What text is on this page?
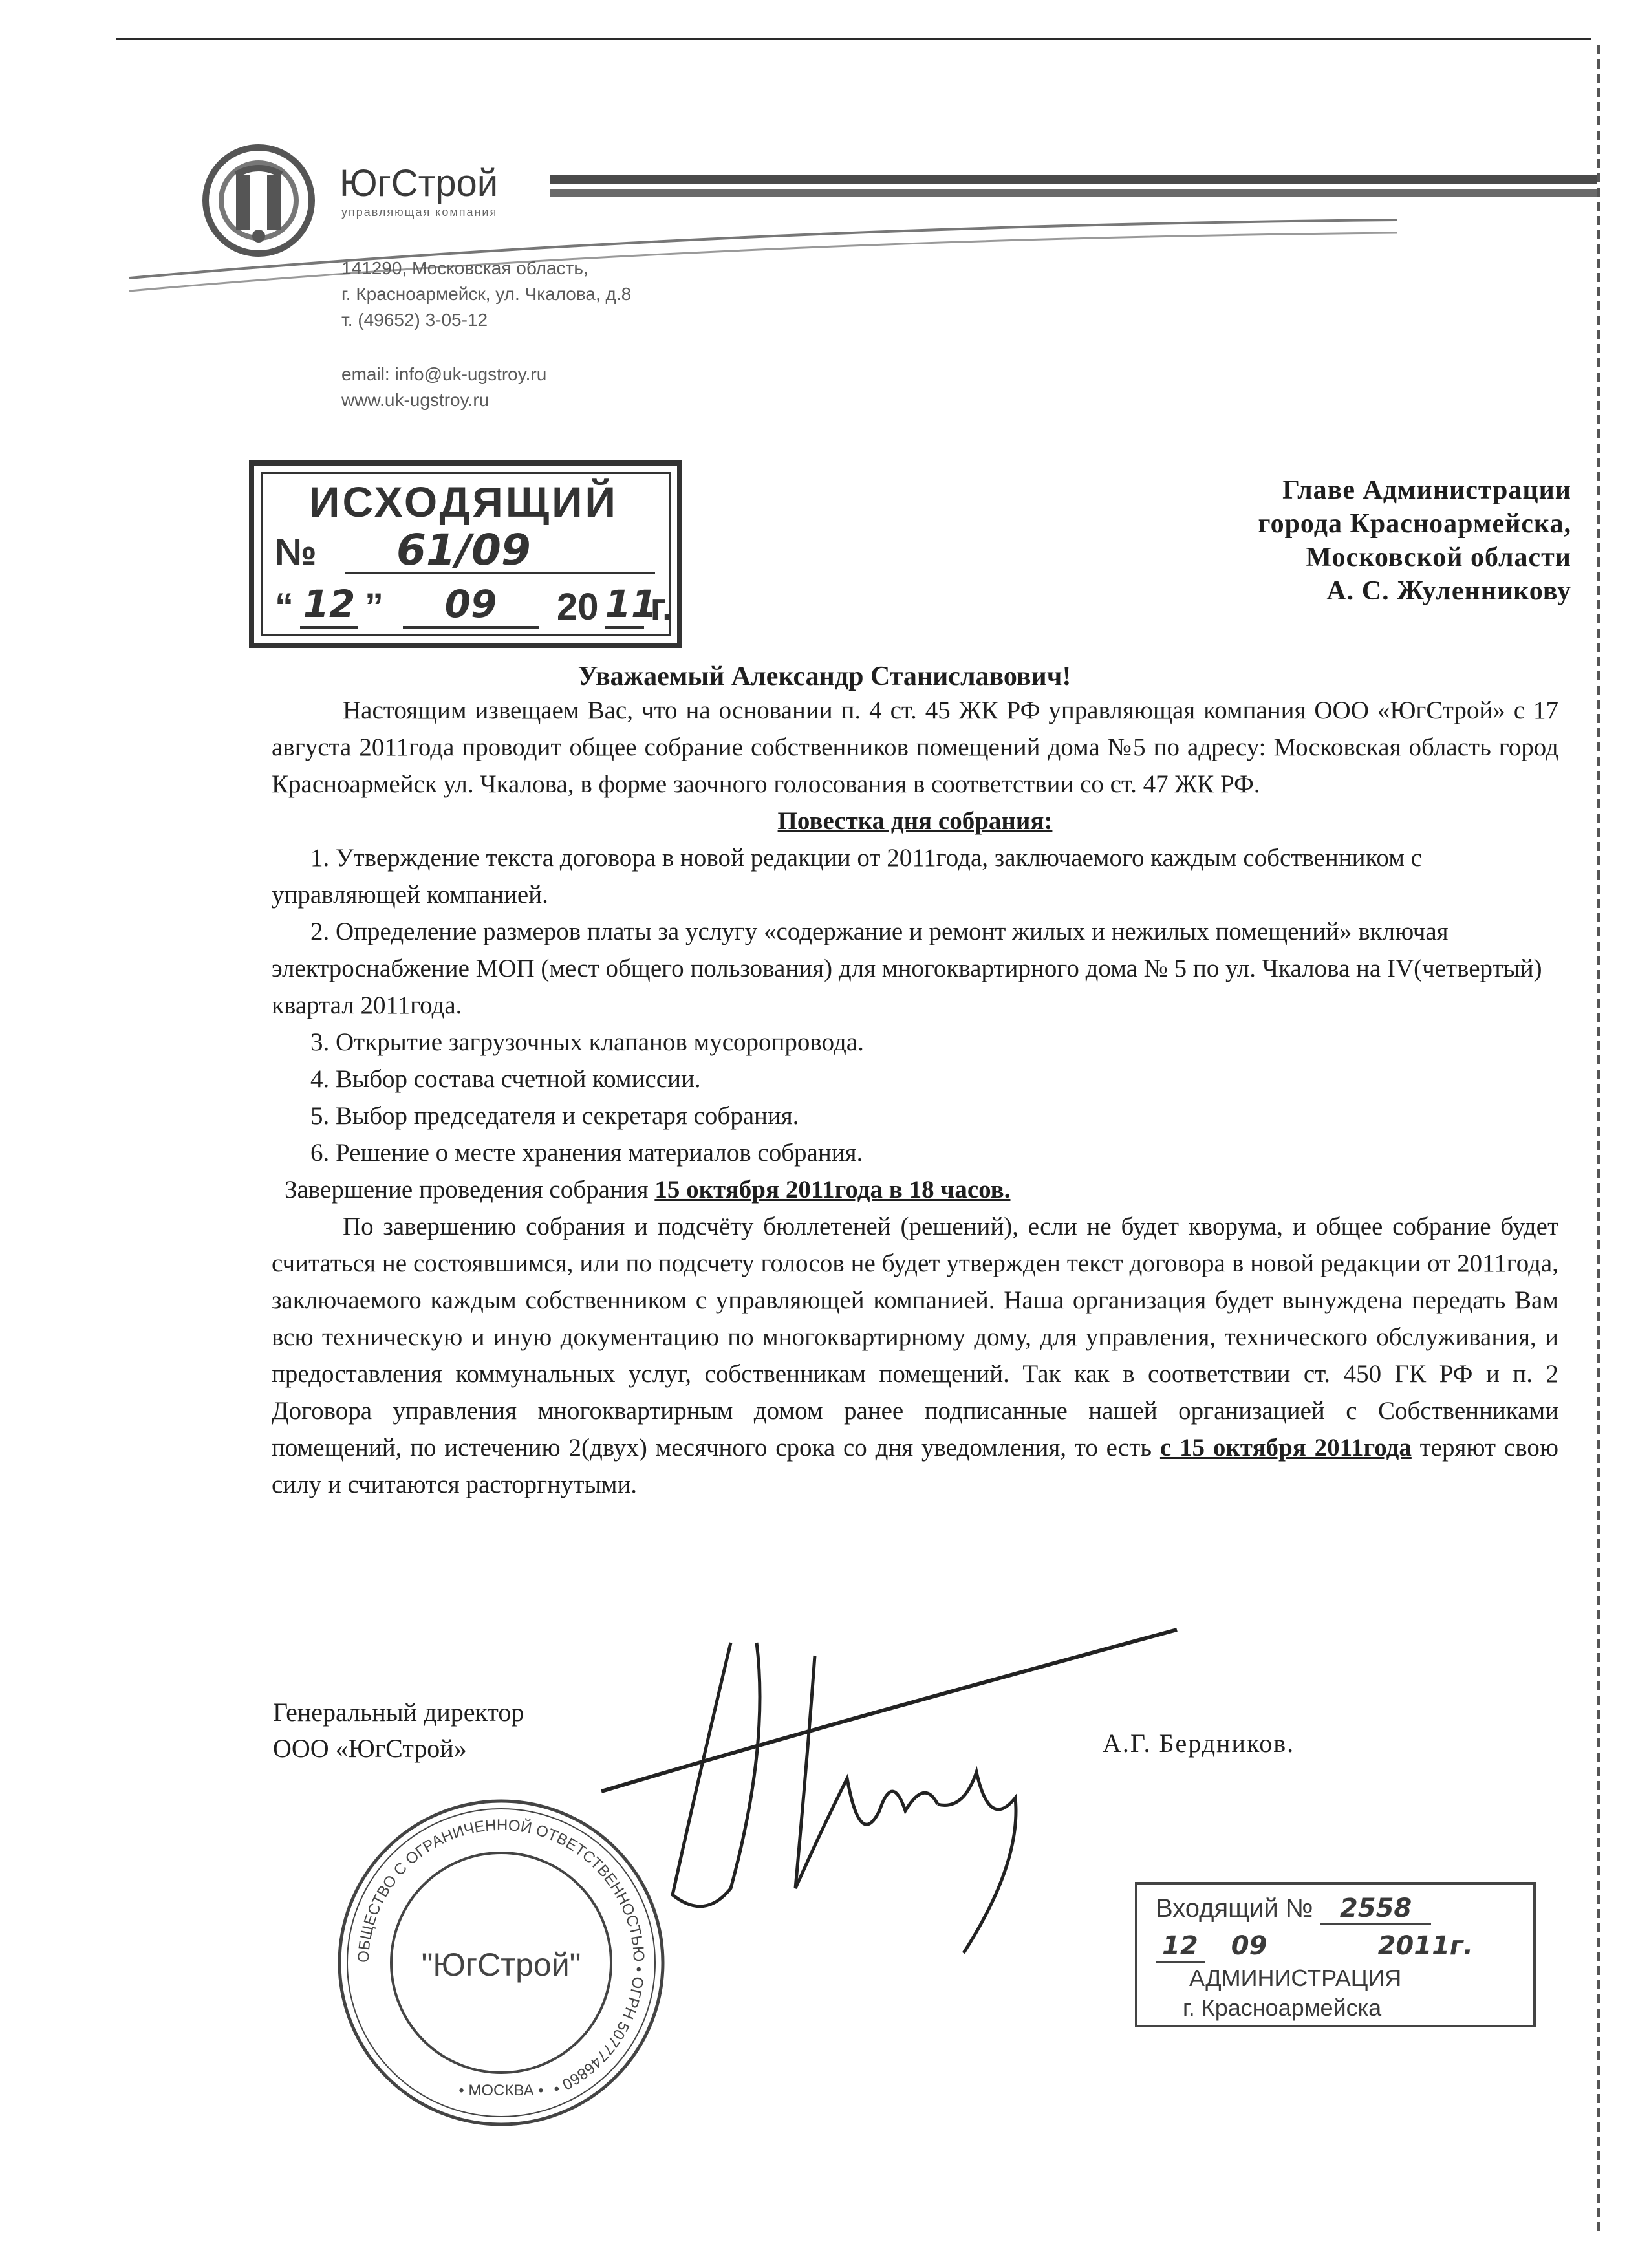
ЮгСтрой
управляющая компания
141290, Московская область,
г. Красноармейск, ул. Чкалова, д.8
т. (49652) 3-05-12
email: info@uk-ugstroy.ru
www.uk-ugstroy.ru
ИСХОДЯЩИЙ
№	61/09
“ 12 ”	09	20 11
г.
Главе Администрации
города Красноармейска,
Московской области
А. С. Жуленникову
Уважаемый Александр Станиславович!

Настоящим извещаем Вас, что на основании п. 4 ст. 45 ЖК РФ управляющая компания ООО «ЮгСтрой» с 17 августа 2011года проводит общее собрание собственников помещений дома №5 по адресу: Московская область город Красноармейск ул. Чкалова, в форме заочного голосования в соответствии со ст. 47 ЖК РФ.

Повестка дня собрания:

1. Утверждение текста договора в новой редакции от 2011года, заключаемого каждым собственником с управляющей компанией.

2. Определение размеров платы за услугу «содержание и ремонт жилых и нежилых помещений» включая электроснабжение МОП (мест общего пользования) для многоквартирного дома № 5 по ул. Чкалова на IV(четвертый) квартал 2011года.

3. Открытие загрузочных клапанов мусоропровода.

4. Выбор состава счетной комиссии.

5. Выбор председателя и секретаря собрания.

6. Решение о месте хранения материалов собрания.

Завершение проведения собрания 15 октября 2011года в 18 часов.

По завершению собрания и подсчёту бюллетеней (решений), если не будет кворума, и общее собрание будет считаться не состоявшимся, или по подсчету голосов не будет утвержден текст договора в новой редакции от 2011года, заключаемого каждым собственником с управляющей компанией. Наша организация будет вынуждена передать Вам всю техническую и иную документацию по многоквартирному дому, для управления, технического обслуживания, и предоставления коммунальных услуг, собственникам помещений. Так как в соответствии ст. 450 ГК РФ и п. 2 Договора управления многоквартирным домом ранее подписанные нашей организацией с Собственниками помещений, по истечению 2(двух) месячного срока со дня уведомления, то есть с 15 октября 2011года теряют свою силу и считаются расторгнутыми.

Генеральный директор
ООО «ЮгСтрой»	А.Г. Бердников.
ОБЩЕСТВО С ОГРАНИЧЕННОЙ ОТВЕТСТВЕННОСТЬЮ • ОГРН 5077746860 •
• МОСКВА •
"ЮгСтрой"
Входящий № 2558
12 09	2011г.
АДМИНИСТРАЦИЯ
г. Красноармейска
